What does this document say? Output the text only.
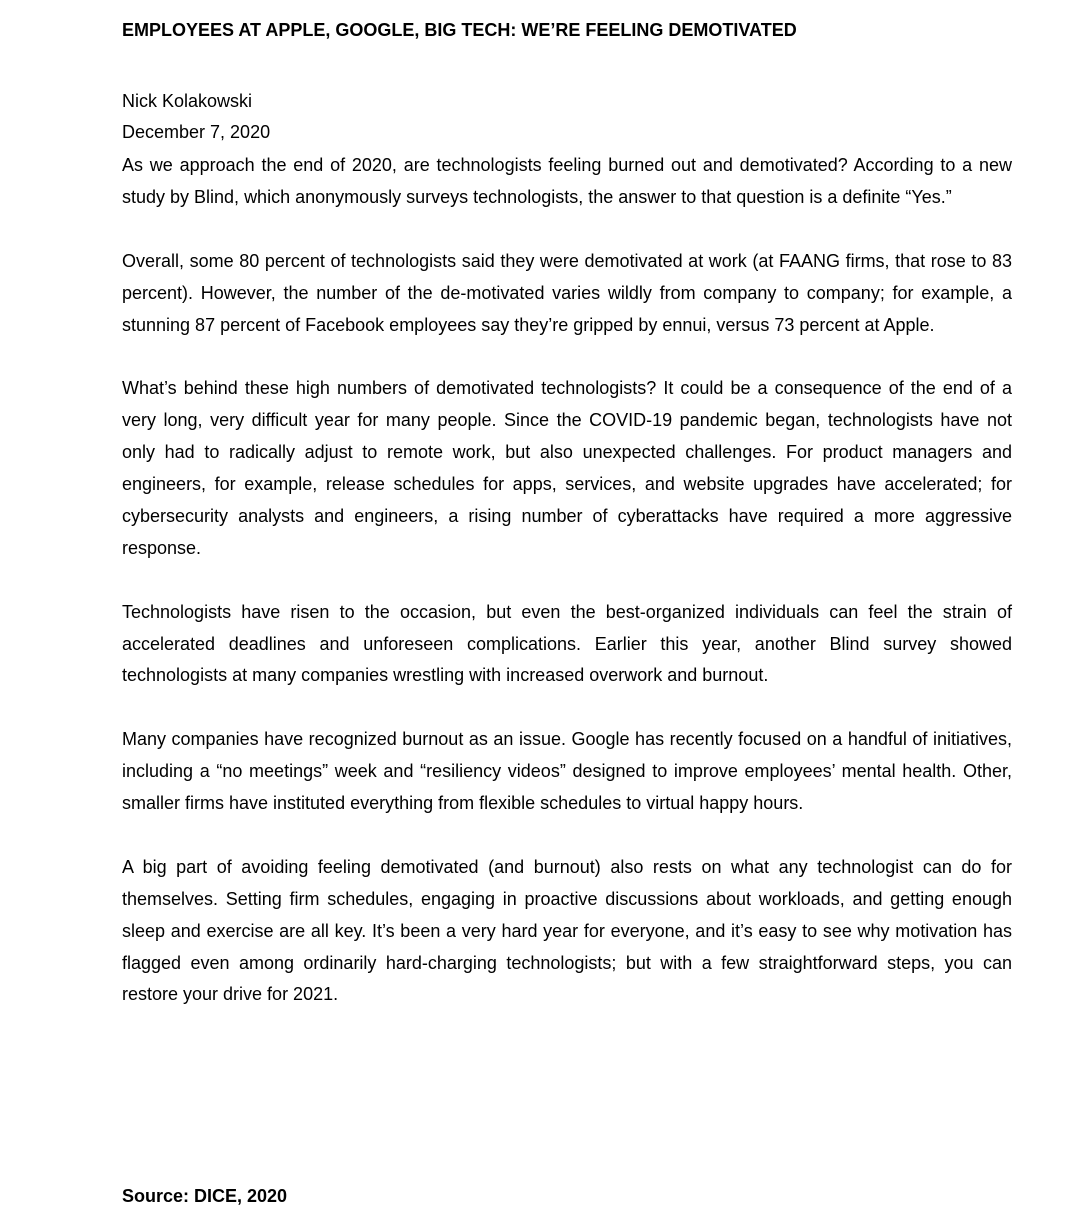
EMPLOYEES AT APPLE, GOOGLE, BIG TECH: WE’RE FEELING DEMOTIVATED
Nick Kolakowski
December 7, 2020

As we approach the end of 2020, are technologists feeling burned out and demotivated? According to a new study by Blind, which anonymously surveys technologists, the answer to that question is a definite “Yes.”

Overall, some 80 percent of technologists said they were demotivated at work (at FAANG firms, that rose to 83 percent). However, the number of the de-motivated varies wildly from company to company; for example, a stunning 87 percent of Facebook employees say they’re gripped by ennui, versus 73 percent at Apple.

What’s behind these high numbers of demotivated technologists? It could be a consequence of the end of a very long, very difficult year for many people. Since the COVID-19 pandemic began, technologists have not only had to radically adjust to remote work, but also unexpected challenges. For product managers and engineers, for example, release schedules for apps, services, and website upgrades have accelerated; for cybersecurity analysts and engineers, a rising number of cyberattacks have required a more aggressive response.

Technologists have risen to the occasion, but even the best-organized individuals can feel the strain of accelerated deadlines and unforeseen complications. Earlier this year, another Blind survey showed technologists at many companies wrestling with increased overwork and burnout.

Many companies have recognized burnout as an issue. Google has recently focused on a handful of initiatives, including a “no meetings” week and “resiliency videos” designed to improve employees’ mental health. Other, smaller firms have instituted everything from flexible schedules to virtual happy hours.

A big part of avoiding feeling demotivated (and burnout) also rests on what any technologist can do for themselves. Setting firm schedules, engaging in proactive discussions about workloads, and getting enough sleep and exercise are all key. It’s been a very hard year for everyone, and it’s easy to see why motivation has flagged even among ordinarily hard-charging technologists; but with a few straightforward steps, you can restore your drive for 2021.

Source: DICE, 2020
